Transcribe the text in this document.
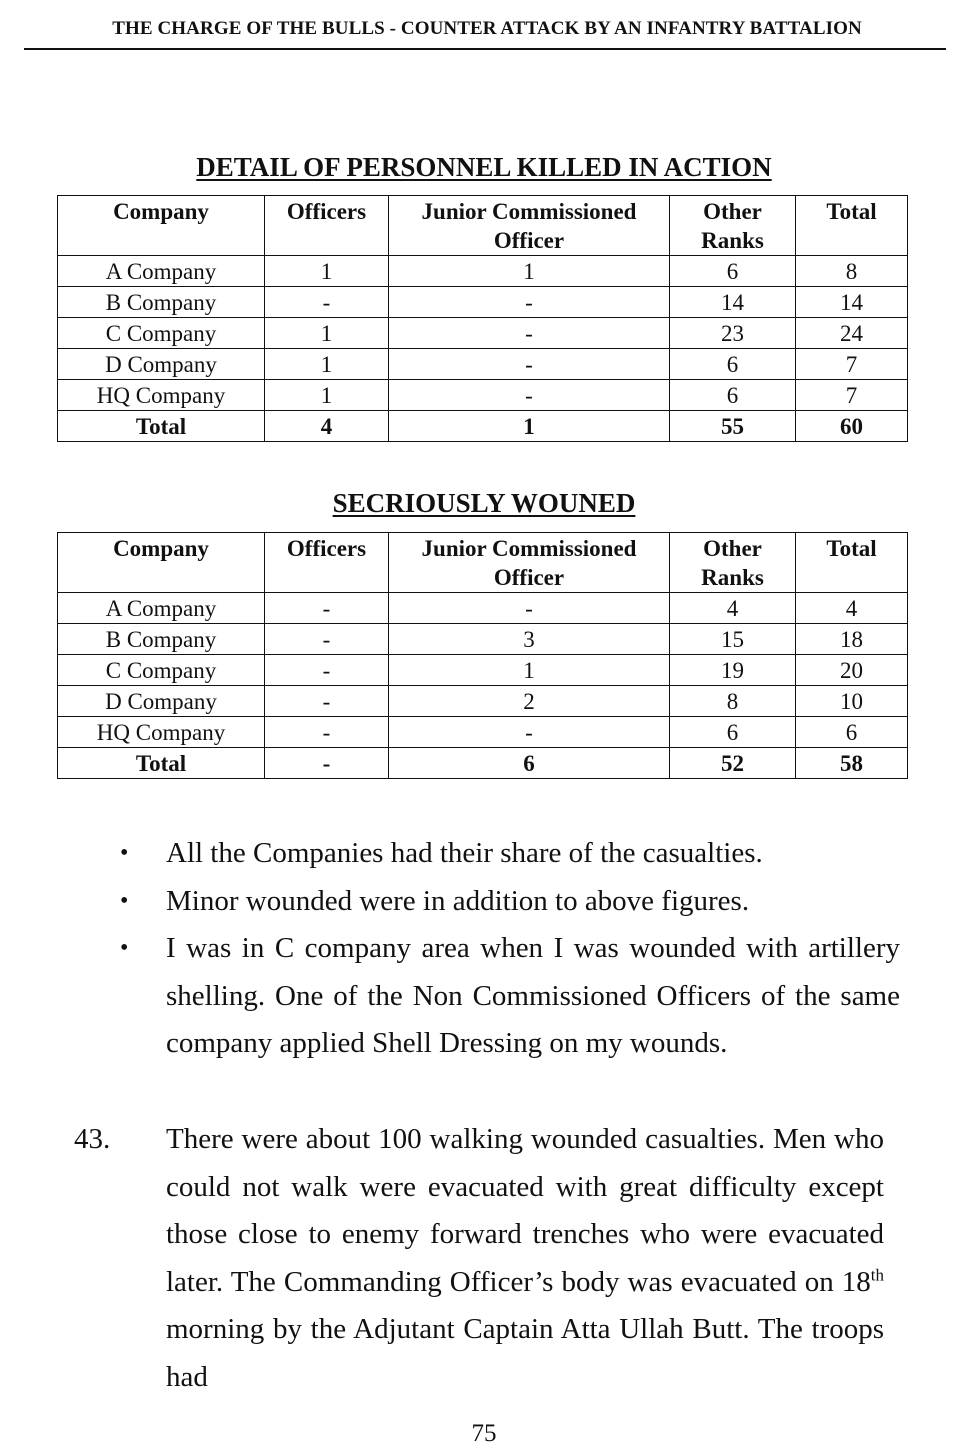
THE CHARGE OF THE BULLS - COUNTER ATTACK BY AN INFANTRY BATTALION
DETAIL OF PERSONNEL KILLED IN ACTION
Company	Officers	Junior Commissioned Officer	Other Ranks	Total
A Company	1	1	6	8
B Company	-	-	14	14
C Company	1	-	23	24
D Company	1	-	6	7
HQ Company	1	-	6	7
Total	4	1	55	60
SECRIOUSLY WOUNED
Company	Officers	Junior Commissioned Officer	Other Ranks	Total
A Company	-	-	4	4
B Company	-	3	15	18
C Company	-	1	19	20
D Company	-	2	8	10
HQ Company	-	-	6	6
Total	-	6	52	58
• All the Companies had their share of the casualties.
• Minor wounded were in addition to above figures.
• I was in C company area when I was wounded with artillery shelling. One of the Non Commissioned Officers of the same company applied Shell Dressing on my wounds.
43. There were about 100 walking wounded casualties. Men who could not walk were evacuated with great difficulty except those close to enemy forward trenches who were evacuated later. The Commanding Officer’s body was evacuated on 18th morning by the Adjutant Captain Atta Ullah Butt. The troops had
75
